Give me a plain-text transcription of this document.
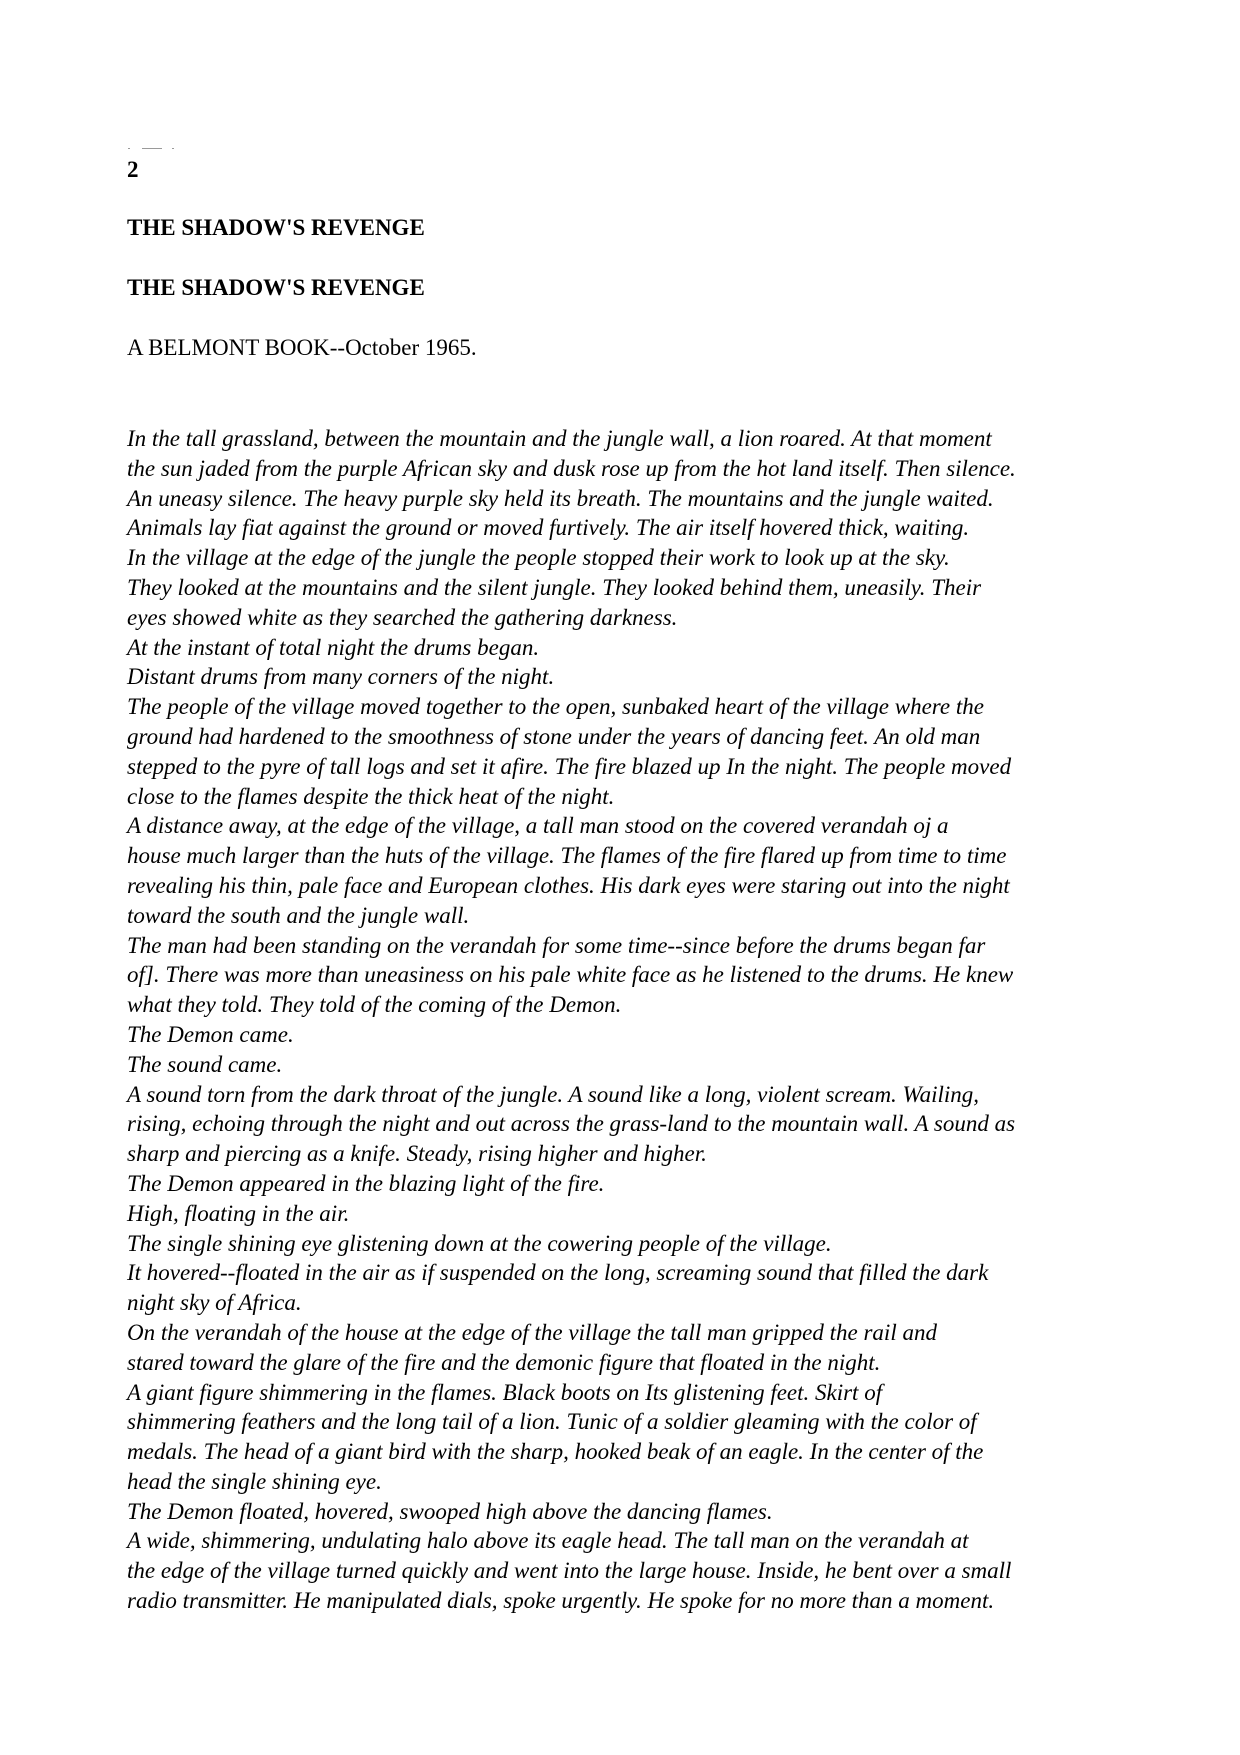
2
THE SHADOW'S REVENGE
THE SHADOW'S REVENGE
A BELMONT BOOK--October 1965.
In the tall grassland, between the mountain and the jungle wall, a lion roared. At that moment
the sun jaded from the purple African sky and dusk rose up from the hot land itself. Then silence.
An uneasy silence. The heavy purple sky held its breath. The mountains and the jungle waited.
Animals lay fiat against the ground or moved furtively. The air itself hovered thick, waiting.
In the village at the edge of the jungle the people stopped their work to look up at the sky.
They looked at the mountains and the silent jungle. They looked behind them, uneasily. Their
eyes showed white as they searched the gathering darkness.
At the instant of total night the drums began.
Distant drums from many corners of the night.
The people of the village moved together to the open, sunbaked heart of the village where the
ground had hardened to the smoothness of stone under the years of dancing feet. An old man
stepped to the pyre of tall logs and set it afire. The fire blazed up In the night. The people moved
close to the flames despite the thick heat of the night.
A distance away, at the edge of the village, a tall man stood on the covered verandah oj a
house much larger than the huts of the village. The flames of the fire flared up from time to time
revealing his thin, pale face and European clothes. His dark eyes were staring out into the night
toward the south and the jungle wall.
The man had been standing on the verandah for some time--since before the drums began far
of]. There was more than uneasiness on his pale white face as he listened to the drums. He knew
what they told. They told of the coming of the Demon.
The Demon came.
The sound came.
A sound torn from the dark throat of the jungle. A sound like a long, violent scream. Wailing,
rising, echoing through the night and out across the grass-land to the mountain wall. A sound as
sharp and piercing as a knife. Steady, rising higher and higher.
The Demon appeared in the blazing light of the fire.
High, floating in the air.
The single shining eye glistening down at the cowering people of the village.
It hovered--floated in the air as if suspended on the long, screaming sound that filled the dark
night sky of Africa.
On the verandah of the house at the edge of the village the tall man gripped the rail and
stared toward the glare of the fire and the demonic figure that floated in the night.
A giant figure shimmering in the flames. Black boots on Its glistening feet. Skirt of
shimmering feathers and the long tail of a lion. Tunic of a soldier gleaming with the color of
medals. The head of a giant bird with the sharp, hooked beak of an eagle. In the center of the
head the single shining eye.
The Demon floated, hovered, swooped high above the dancing flames.
A wide, shimmering, undulating halo above its eagle head. The tall man on the verandah at
the edge of the village turned quickly and went into the large house. Inside, he bent over a small
radio transmitter. He manipulated dials, spoke urgently. He spoke for no more than a moment.
